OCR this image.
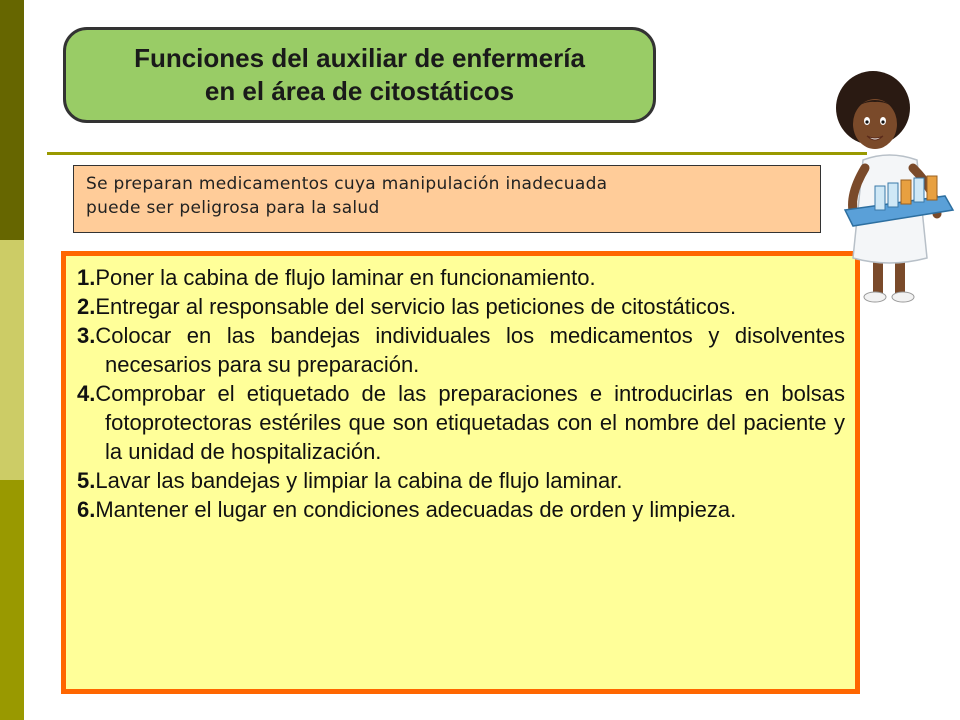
Funciones del auxiliar de enfermería
en el área de citostáticos
Se preparan medicamentos cuya manipulación inadecuada
puede ser peligrosa para la salud
1.Poner la cabina de flujo laminar en funcionamiento.
2.Entregar al responsable del servicio las peticiones de citostáticos.
3.Colocar en las bandejas individuales los medicamentos y disolventes necesarios para su preparación.
4.Comprobar el etiquetado de las preparaciones e introducirlas en bolsas fotoprotectoras estériles que son etiquetadas con el nombre del paciente y la unidad de hospitalización.
5.Lavar las bandejas y limpiar la cabina de flujo laminar.
6.Mantener el lugar en condiciones adecuadas de orden y limpieza.
